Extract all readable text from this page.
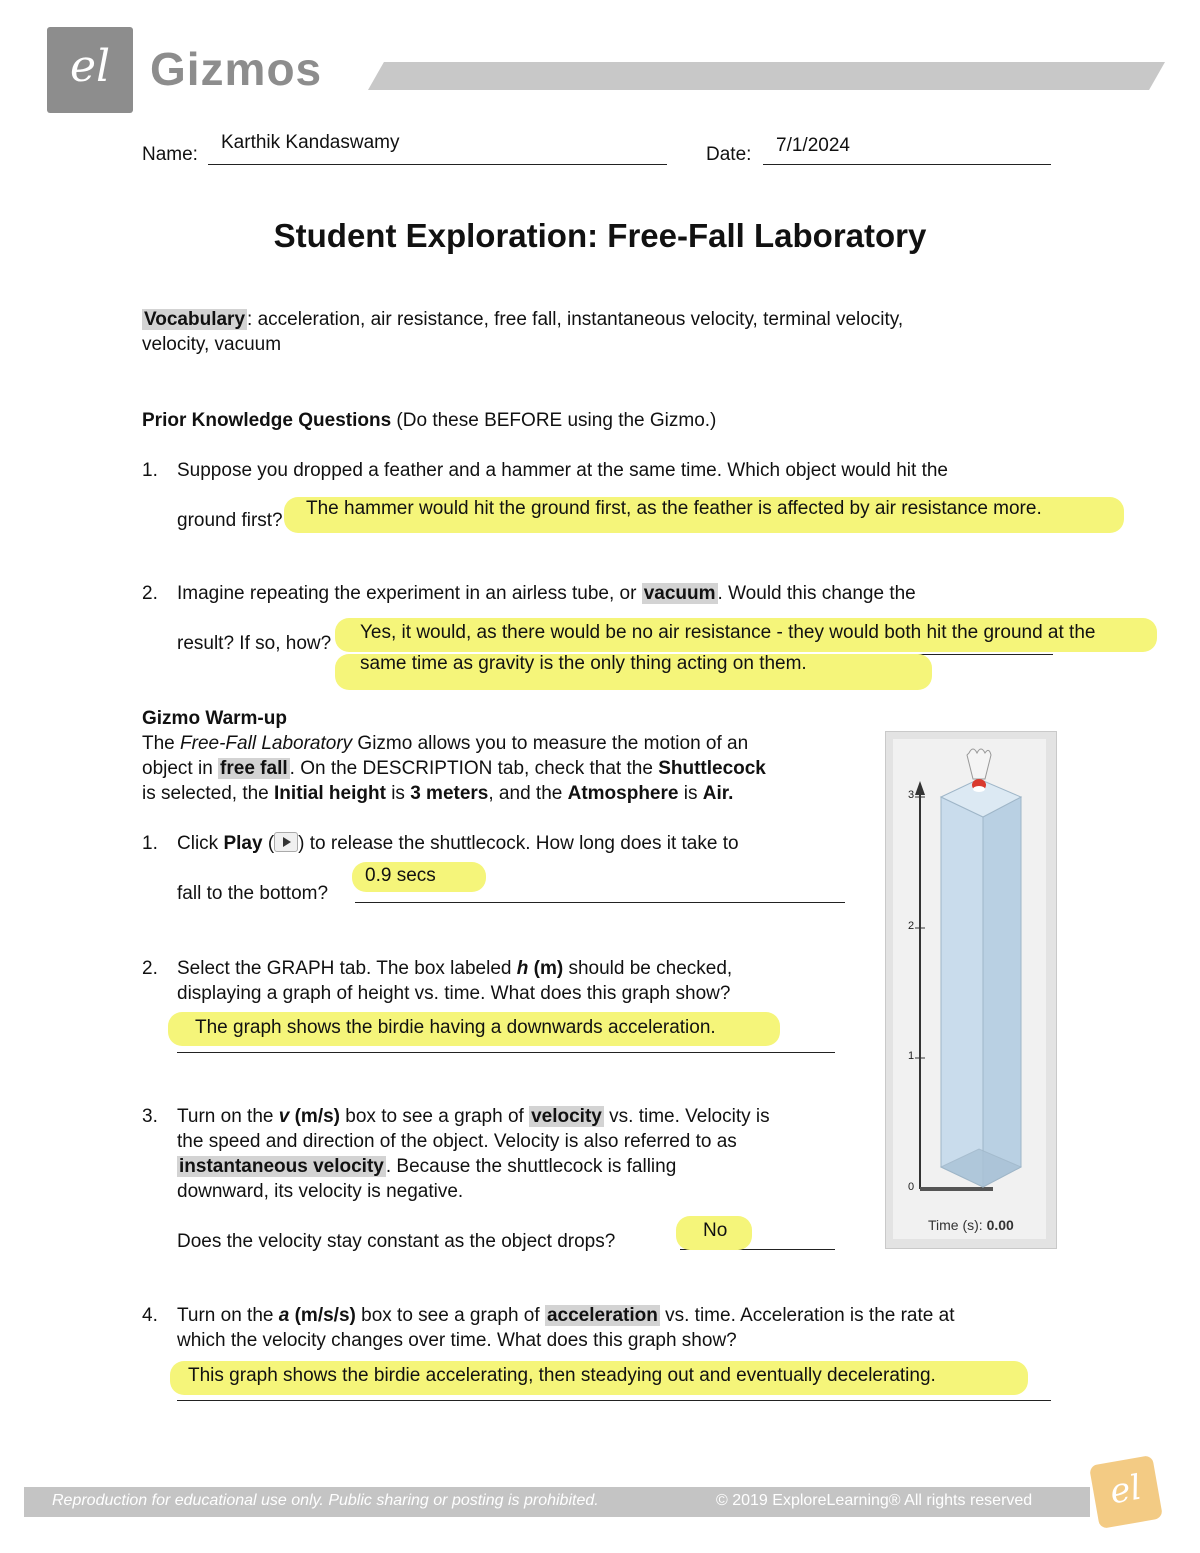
el Gizmos
Name:
Karthik Kandaswamy
Date: 7/1/2024
Student Exploration: Free-Fall Laboratory
Vocabulary : acceleration, air resistance, free fall, instantaneous velocity, terminal velocity,
velocity, vacuum
Prior Knowledge Questions (Do these BEFORE using the Gizmo.)
1. Suppose you dropped a feather and a hammer at the same time. Which object would hit the
ground first?
The hammer would hit the ground first, as the feather is affected by air resistance more.
2. Imagine repeating the experiment in an airless tube, or vacuum . Would this change the
result? If so, how?
Yes, it would, as there would be no air resistance - they would both hit the ground at the
same time as gravity is the only thing acting on them.
Gizmo Warm-up
The Free-Fall Laboratory Gizmo allows you to measure the motion of an
object in free fall . On the DESCRIPTION tab, check that the Shuttlecock
is selected, the Initial height is 3 meters, and the Atmosphere is Air.
1. Click Play ( ) to release the shuttlecock. How long does it take to
fall to the bottom?
0.9 secs
2. Select the GRAPH tab. The box labeled h (m) should be checked,
displaying a graph of height vs. time. What does this graph show?
The graph shows the birdie having a downwards acceleration.
3. Turn on the v (m/s) box to see a graph of velocity vs. time. Velocity is
the speed and direction of the object. Velocity is also referred to as
instantaneous velocity . Because the shuttlecock is falling
downward, its velocity is negative.
Does the velocity stay constant as the object drops?
No
4. Turn on the a (m/s/s) box to see a graph of acceleration vs. time. Acceleration is the rate at
which the velocity changes over time. What does this graph show?
This graph shows the birdie accelerating, then steadying out and eventually decelerating.
3
2
1
0
Time (s): 0.00
Reproduction for educational use only. Public sharing or posting is prohibited.	© 2019 ExploreLearning® All rights reserved	el
